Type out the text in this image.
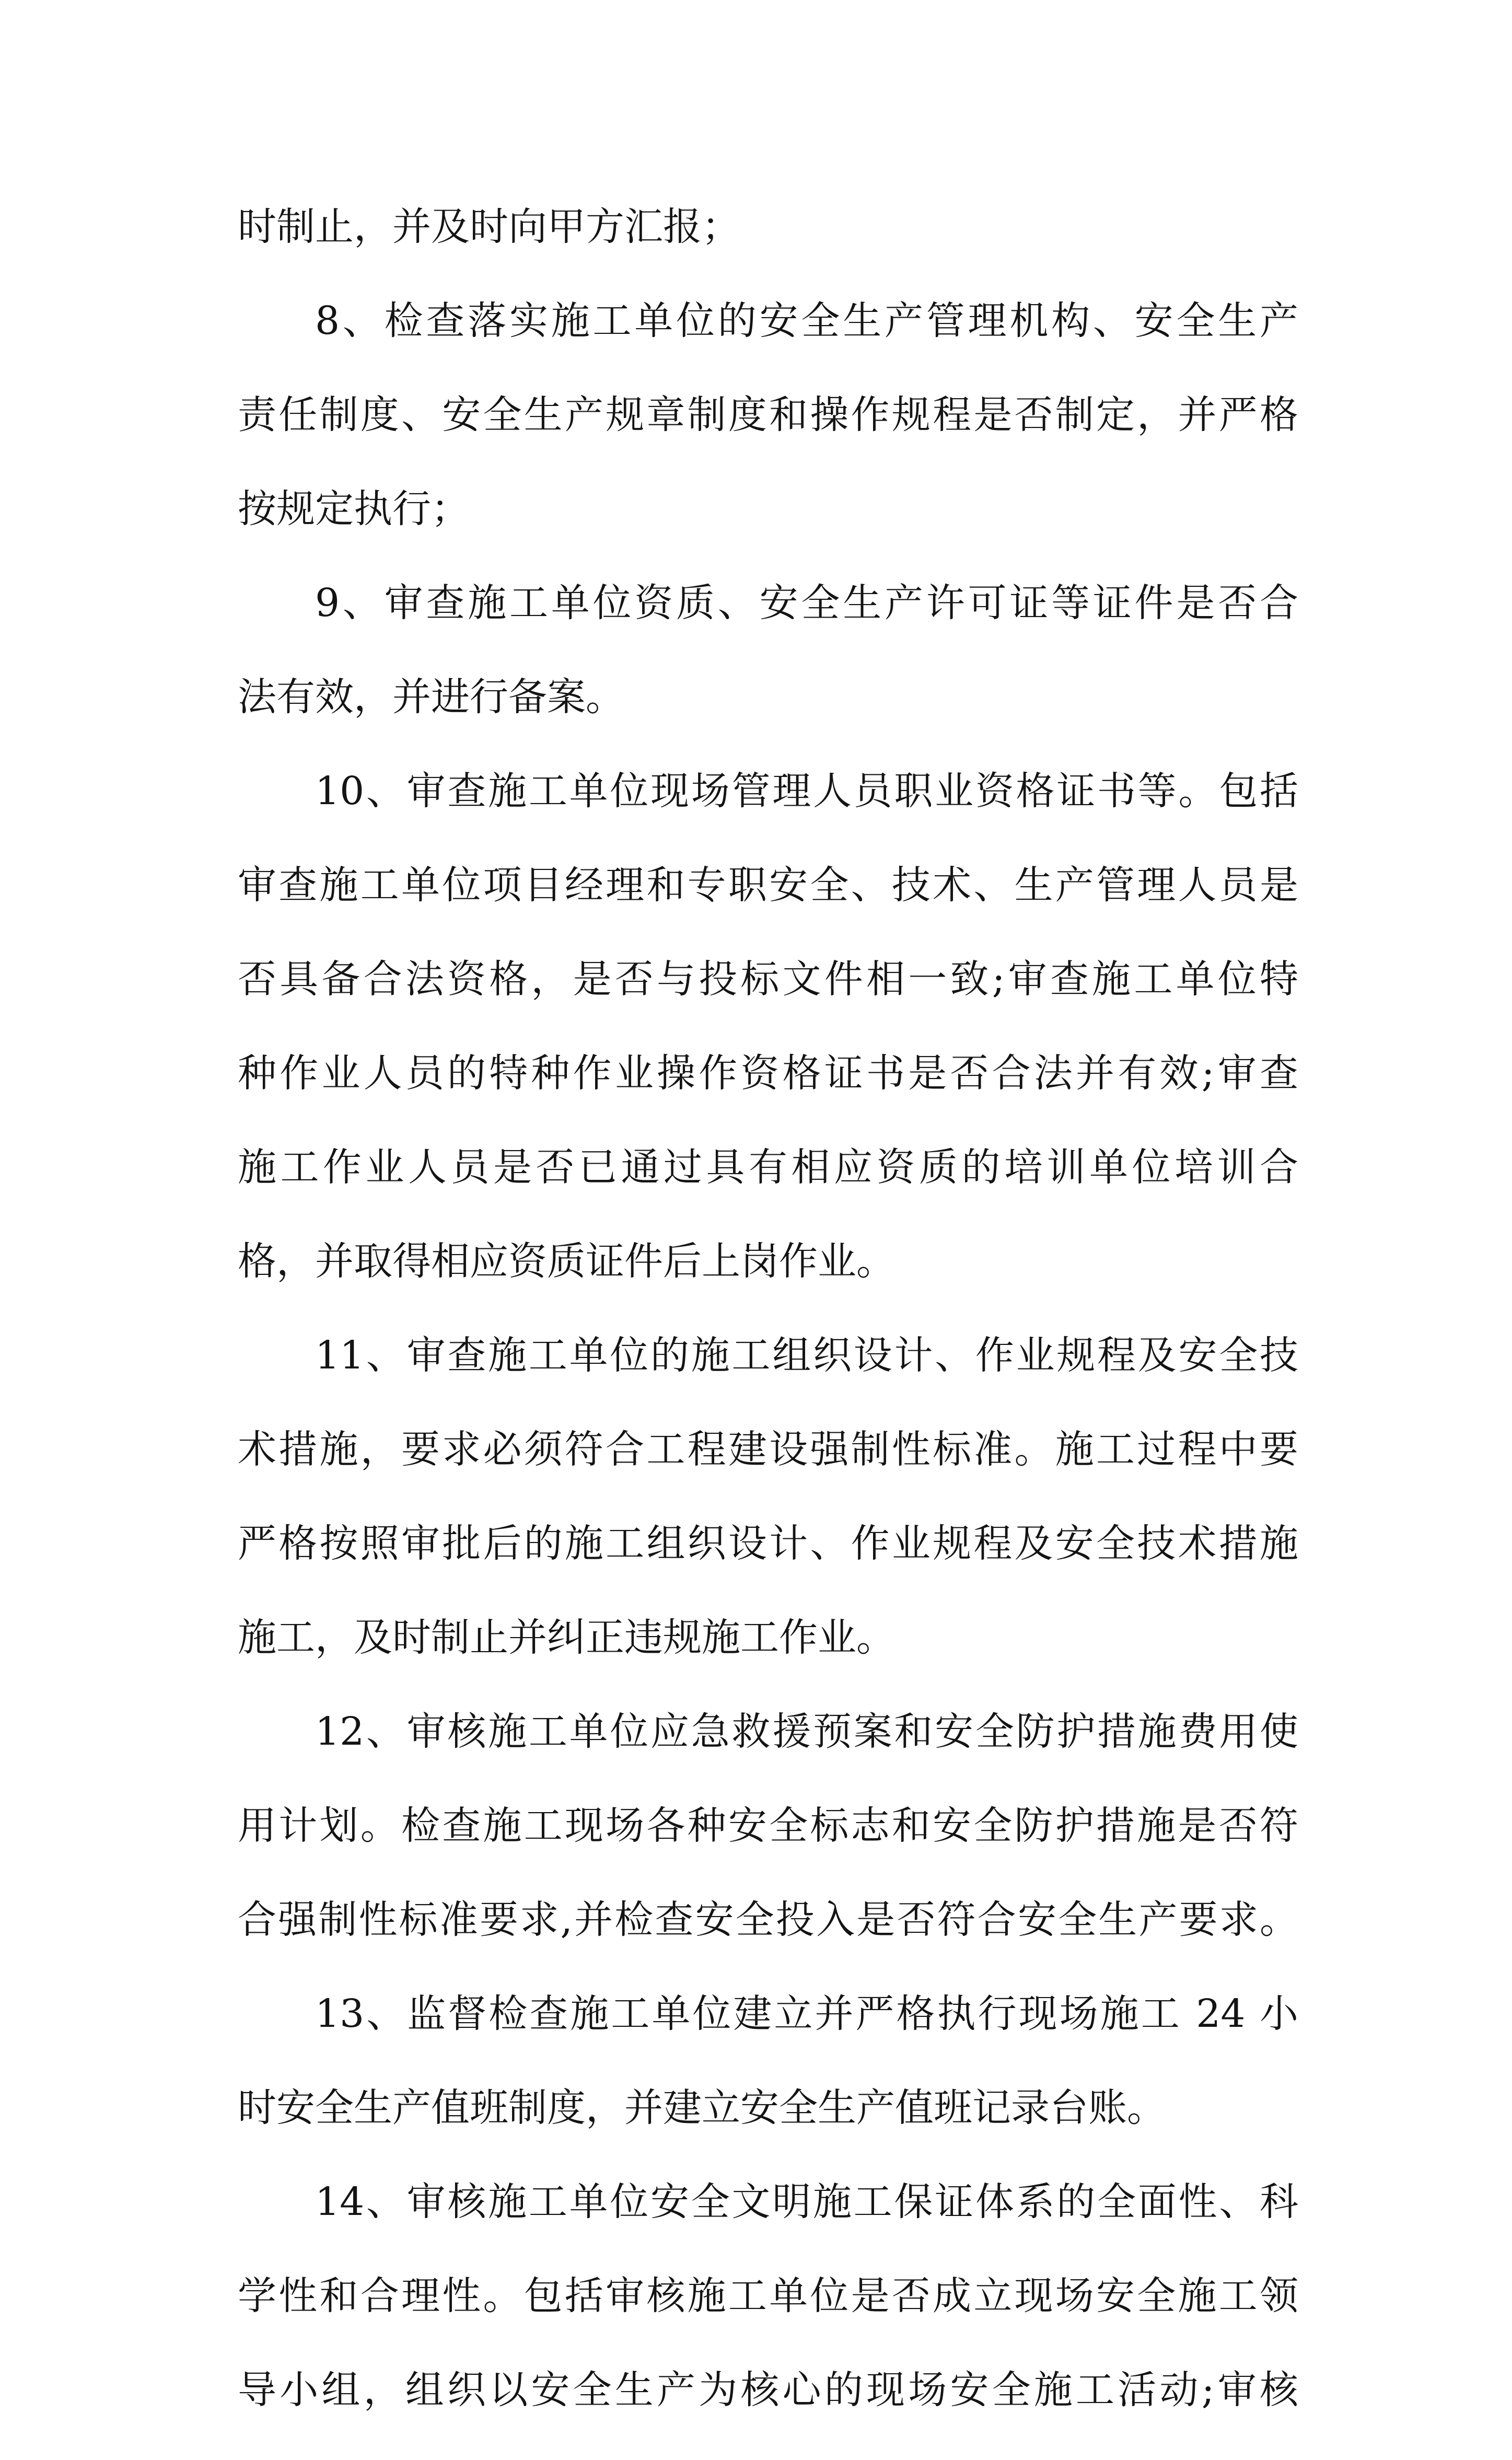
时制止，并及时向甲方汇报；
8、检查落实施工单位的安全生产管理机构、安全生产
责任制度、安全生产规章制度和操作规程是否制定，并严格
按规定执行；
9、审查施工单位资质、安全生产许可证等证件是否合
法有效，并进行备案。
10、审查施工单位现场管理人员职业资格证书等。包括
审查施工单位项目经理和专职安全、技术、生产管理人员是
否具备合法资格，是否与投标文件相一致;审查施工单位特
种作业人员的特种作业操作资格证书是否合法并有效;审查
施工作业人员是否已通过具有相应资质的培训单位培训合
格，并取得相应资质证件后上岗作业。
11、审查施工单位的施工组织设计、作业规程及安全技
术措施，要求必须符合工程建设强制性标准。施工过程中要
严格按照审批后的施工组织设计、作业规程及安全技术措施
施工，及时制止并纠正违规施工作业。
12、审核施工单位应急救援预案和安全防护措施费用使
用计划。检查施工现场各种安全标志和安全防护措施是否符
合强制性标准要求,并检查安全投入是否符合安全生产要求。
13、监督检查施工单位建立并严格执行现场施工 24 小
时安全生产值班制度，并建立安全生产值班记录台账。
14、审核施工单位安全文明施工保证体系的全面性、科
学性和合理性。包括审核施工单位是否成立现场安全施工领
导小组，组织以安全生产为核心的现场安全施工活动;审核
